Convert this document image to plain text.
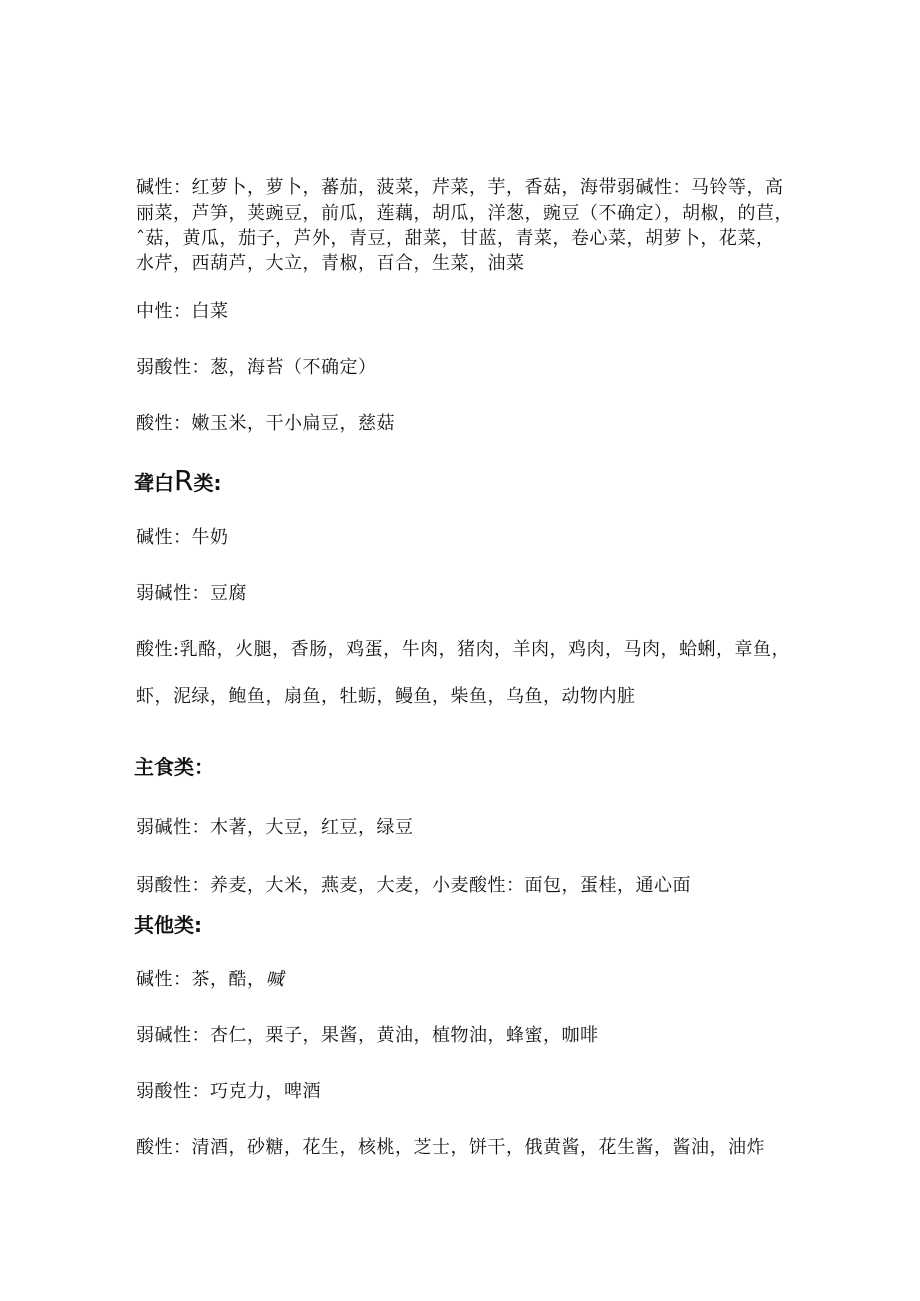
碱性：红萝卜，萝卜，蕃茄，菠菜，芹菜，芋，香菇，海带弱碱性：马铃等，高
丽菜，芦笋，荚豌豆，前瓜，莲藕，胡瓜，洋葱，豌豆（不确定），胡椒，的苣，
ˆ菇，黄瓜，茄子，芦外，青豆，甜菜，甘蓝，青菜，卷心菜，胡萝卜，花菜，
水芹，西葫芦，大立，青椒，百合，生菜，油菜
中性：白菜
弱酸性：葱，海苔（不确定）
酸性：嫩玉米，干小扁豆，慈菇
聋白R类:
碱性：牛奶
弱碱性：豆腐
酸性:乳酪，火腿，香肠，鸡蛋，牛肉，猪肉，羊肉，鸡肉，马肉，蛤蜊，章鱼，
虾，泥绿，鲍鱼，扇鱼，牡蛎，鳗鱼，柴鱼，乌鱼，动物内脏
主食类：
弱碱性：木著，大豆，红豆，绿豆
弱酸性：养麦，大米，燕麦，大麦，小麦酸性：面包，蛋桂，通心面
其他类:
碱性：茶，酷，喊
弱碱性：杏仁，栗子，果酱，黄油，植物油，蜂蜜，咖啡
弱酸性：巧克力，啤酒
酸性：清酒，砂糖，花生，核桃，芝士，饼干，俄黄酱，花生酱，酱油，油炸
